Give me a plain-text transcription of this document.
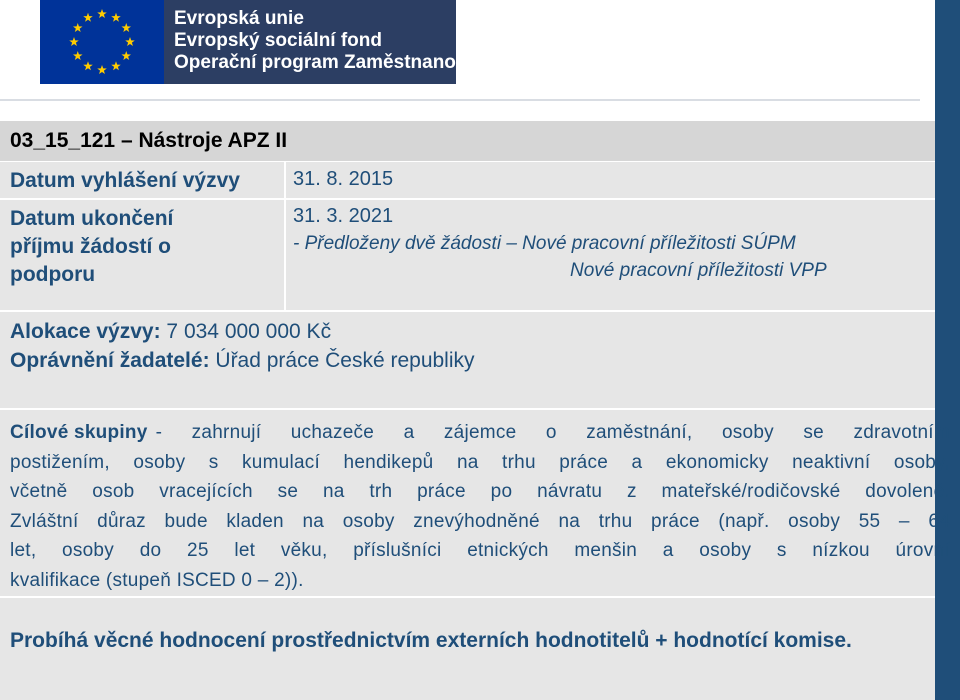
Evropská unie
Evropský sociální fond
Operační program Zaměstnanost
03_15_121 – Nástroje APZ II
Datum vyhlášení výzvy	31. 8. 2015
Datum ukončení
příjmu žádostí o
podporu
31. 3. 2021
- Předloženy dvě žádosti – Nové pracovní příležitosti SÚPM
Nové pracovní příležitosti VPP
Alokace výzvy: 7 034 000 000 Kč
Oprávnění žadatelé: Úřad práce České republiky
Cílové skupiny - zahrnují uchazeče a zájemce o zaměstnání, osoby se zdravotním
postižením, osoby s kumulací hendikepů na trhu práce a ekonomicky neaktivní osoby,
včetně osob vracejících se na trh práce po návratu z mateřské/rodičovské dovolené.
Zvláštní důraz bude kladen na osoby znevýhodněné na trhu práce (např. osoby 55 – 64
let, osoby do 25 let věku, příslušníci etnických menšin a osoby s nízkou úrovní
kvalifikace (stupeň ISCED 0 – 2)).
Probíhá věcné hodnocení prostřednictvím externích hodnotitelů + hodnotící komise.
